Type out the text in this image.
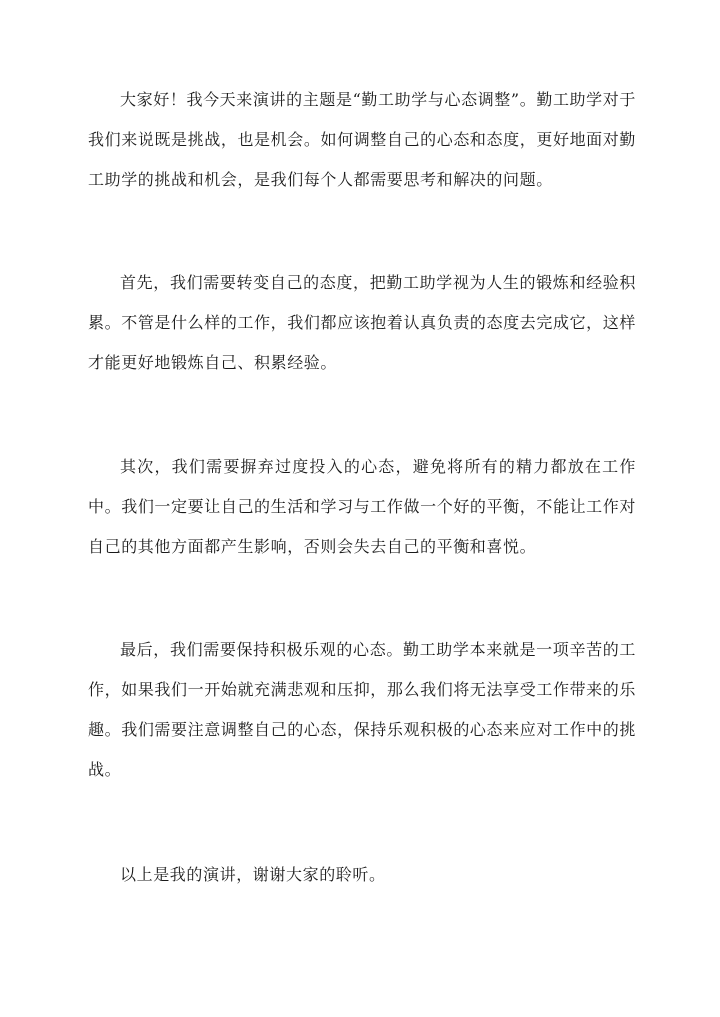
大家好！我今天来演讲的主题是“勤工助学与心态调整”。勤工助学对于我们来说既是挑战，也是机会。如何调整自己的心态和态度，更好地面对勤工助学的挑战和机会，是我们每个人都需要思考和解决的问题。

首先，我们需要转变自己的态度，把勤工助学视为人生的锻炼和经验积累。不管是什么样的工作，我们都应该抱着认真负责的态度去完成它，这样才能更好地锻炼自己、积累经验。

其次，我们需要摒弃过度投入的心态，避免将所有的精力都放在工作中。我们一定要让自己的生活和学习与工作做一个好的平衡，不能让工作对自己的其他方面都产生影响，否则会失去自己的平衡和喜悦。

最后，我们需要保持积极乐观的心态。勤工助学本来就是一项辛苦的工作，如果我们一开始就充满悲观和压抑，那么我们将无法享受工作带来的乐趣。我们需要注意调整自己的心态，保持乐观积极的心态来应对工作中的挑战。

以上是我的演讲，谢谢大家的聆听。
